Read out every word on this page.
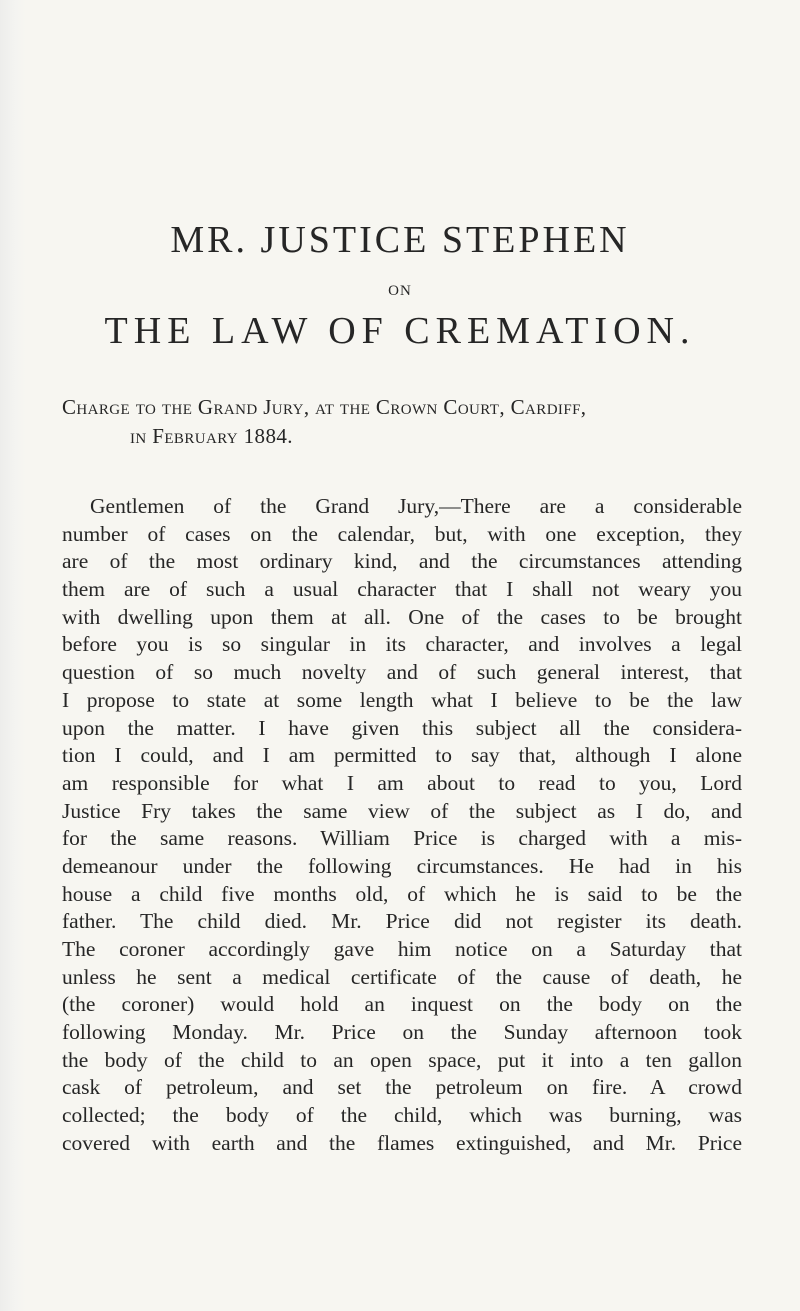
MR. JUSTICE STEPHEN
ON
THE LAW OF CREMATION.
Charge to the Grand Jury, at the Crown Court, Cardiff,
in February 1884.
Gentlemen of the Grand Jury,—There are a considerable
number of cases on the calendar, but, with one exception, they
are of the most ordinary kind, and the circumstances attending
them are of such a usual character that I shall not weary you
with dwelling upon them at all. One of the cases to be brought
before you is so singular in its character, and involves a legal
question of so much novelty and of such general interest, that
I propose to state at some length what I believe to be the law
upon the matter. I have given this subject all the considera-
tion I could, and I am permitted to say that, although I alone
am responsible for what I am about to read to you, Lord
Justice Fry takes the same view of the subject as I do, and
for the same reasons. William Price is charged with a mis-
demeanour under the following circumstances. He had in his
house a child five months old, of which he is said to be the
father. The child died. Mr. Price did not register its death.
The coroner accordingly gave him notice on a Saturday that
unless he sent a medical certificate of the cause of death, he
(the coroner) would hold an inquest on the body on the
following Monday. Mr. Price on the Sunday afternoon took
the body of the child to an open space, put it into a ten gallon
cask of petroleum, and set the petroleum on fire. A crowd
collected; the body of the child, which was burning, was
covered with earth and the flames extinguished, and Mr. Price
